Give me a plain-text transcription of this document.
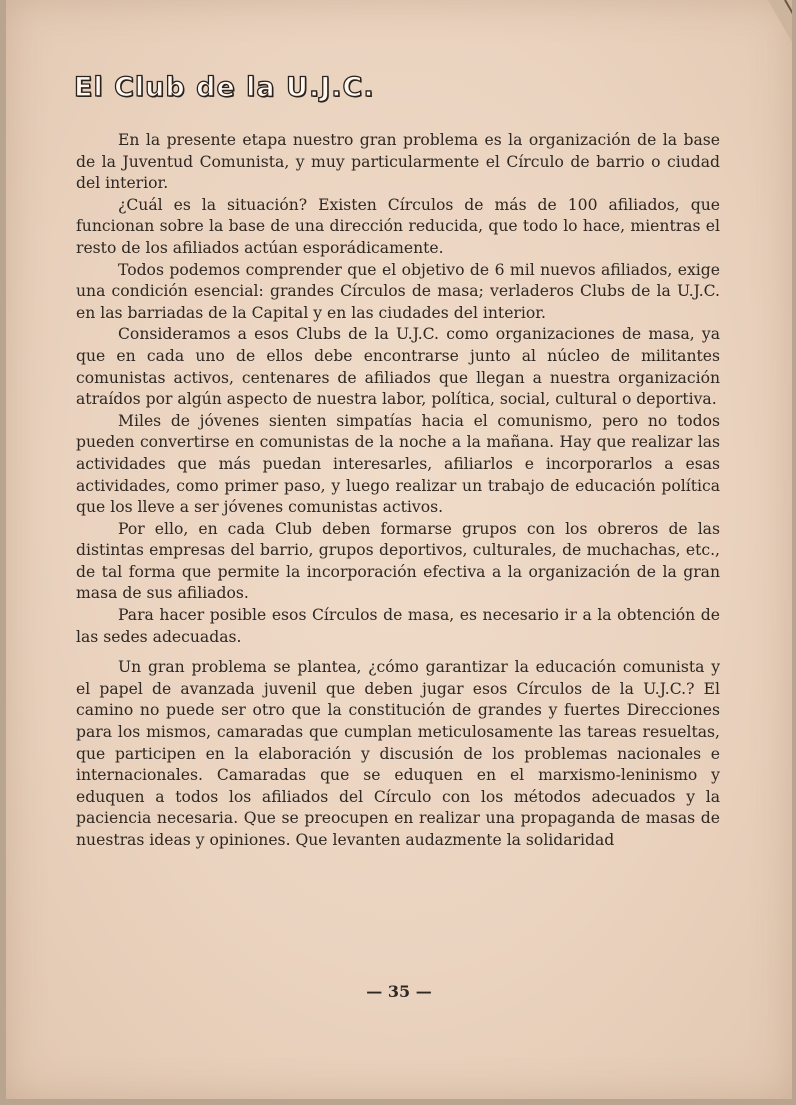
El Club de la U.J.C.

En la presente etapa nuestro gran problema es la organización de la base de la Juventud Comunista, y muy particularmente el Círculo de barrio o ciudad del interior.

¿Cuál es la situación? Existen Círculos de más de 100 afiliados, que funcionan sobre la base de una dirección reducida, que todo lo hace, mientras el resto de los afiliados actúan esporádicamente.

Todos podemos comprender que el objetivo de 6 mil nuevos afiliados, exige una condición esencial: grandes Círculos de masa; verladeros Clubs de la U.J.C. en las barriadas de la Capital y en las ciudades del interior.

Consideramos a esos Clubs de la U.J.C. como organizaciones de masa, ya que en cada uno de ellos debe encontrarse junto al núcleo de militantes comunistas activos, centenares de afiliados que llegan a nuestra organización atraídos por algún aspecto de nuestra labor, política, social, cultural o deportiva.

Miles de jóvenes sienten simpatías hacia el comunismo, pero no todos pueden convertirse en comunistas de la noche a la mañana. Hay que realizar las actividades que más puedan interesarles, afiliarlos e incorporarlos a esas actividades, como primer paso, y luego realizar un trabajo de educación política que los lleve a ser jóvenes comunistas activos.

Por ello, en cada Club deben formarse grupos con los obreros de las distintas empresas del barrio, grupos deportivos, culturales, de muchachas, etc., de tal forma que permite la incorporación efectiva a la organización de la gran masa de sus afiliados.

Para hacer posible esos Círculos de masa, es necesario ir a la obtención de las sedes adecuadas.

Un gran problema se plantea, ¿cómo garantizar la educación comunista y el papel de avanzada juvenil que deben jugar esos Círculos de la U.J.C.? El camino no puede ser otro que la constitución de grandes y fuertes Direcciones para los mismos, camaradas que cumplan meticulosamente las tareas resueltas, que participen en la elaboración y discusión de los problemas nacionales e internacionales. Camaradas que se eduquen en el marxismo-leninismo y eduquen a todos los afiliados del Círculo con los métodos adecuados y la paciencia necesaria. Que se preocupen en realizar una propaganda de masas de nuestras ideas y opiniones. Que levanten audazmente la solidaridad

— 35 —
